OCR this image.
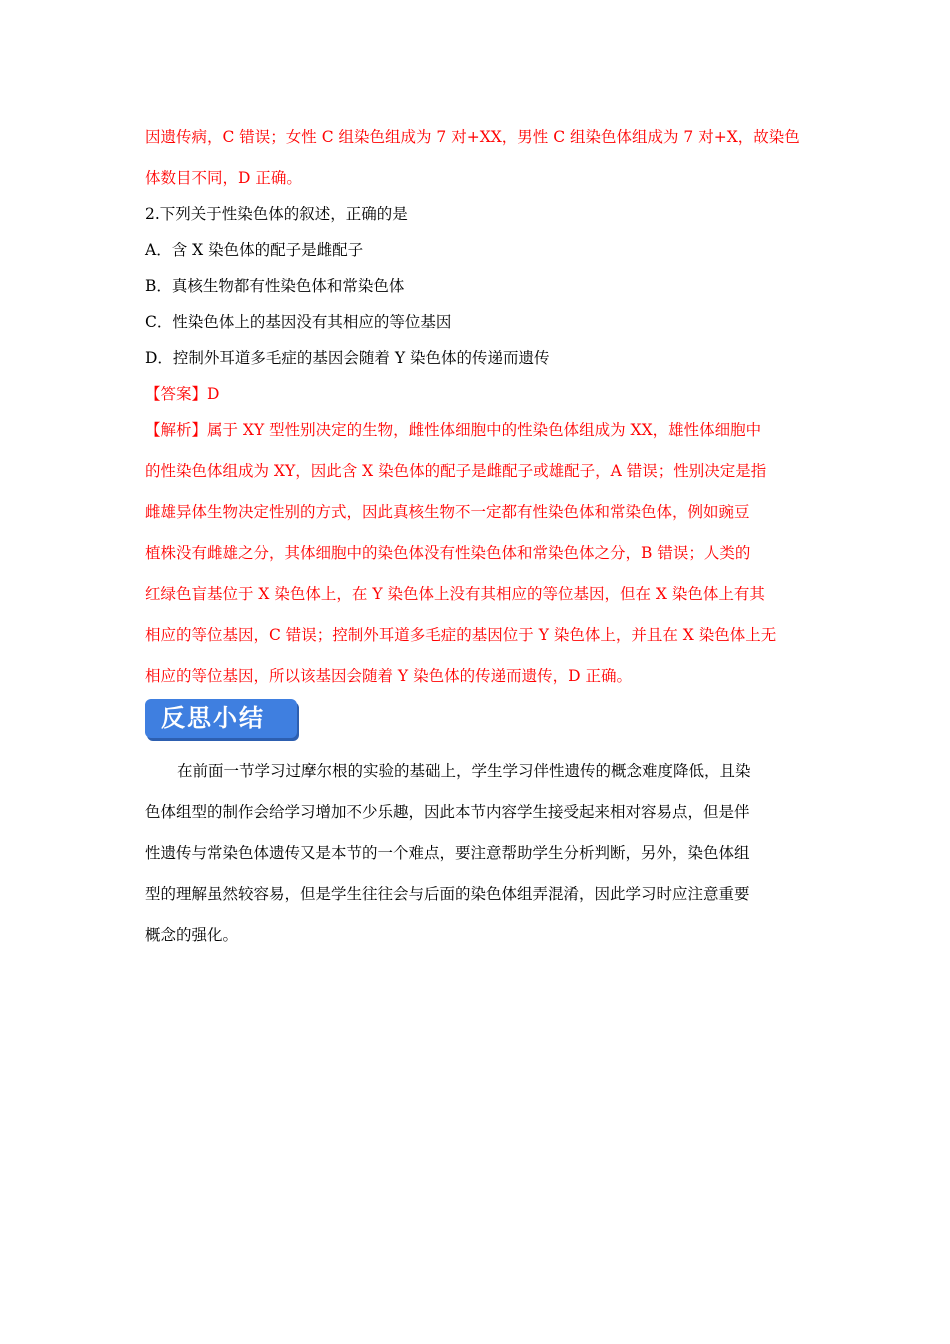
因遗传病，C 错误；女性 C 组染色组成为 7 对+XX，男性 C 组染色体组成为 7 对+X，故染色
体数目不同，D 正确。
2.下列关于性染色体的叙述，正确的是
A．含 X 染色体的配子是雌配子
B．真核生物都有性染色体和常染色体
C．性染色体上的基因没有其相应的等位基因
D．控制外耳道多毛症的基因会随着 Y 染色体的传递而遗传
【答案】D
【解析】属于 XY 型性别决定的生物，雌性体细胞中的性染色体组成为 XX，雄性体细胞中
的性染色体组成为 XY，因此含 X 染色体的配子是雌配子或雄配子，A 错误；性别决定是指
雌雄异体生物决定性别的方式，因此真核生物不一定都有性染色体和常染色体，例如豌豆
植株没有雌雄之分，其体细胞中的染色体没有性染色体和常染色体之分，B 错误；人类的
红绿色盲基位于 X 染色体上，在 Y 染色体上没有其相应的等位基因，但在 X 染色体上有其
相应的等位基因，C 错误；控制外耳道多毛症的基因位于 Y 染色体上，并且在 X 染色体上无
相应的等位基因，所以该基因会随着 Y 染色体的传递而遗传，D 正确。
反思小结
在前面一节学习过摩尔根的实验的基础上，学生学习伴性遗传的概念难度降低，且染
色体组型的制作会给学习增加不少乐趣，因此本节内容学生接受起来相对容易点，但是伴
性遗传与常染色体遗传又是本节的一个难点，要注意帮助学生分析判断，另外，染色体组
型的理解虽然较容易，但是学生往往会与后面的染色体组弄混淆，因此学习时应注意重要
概念的强化。
